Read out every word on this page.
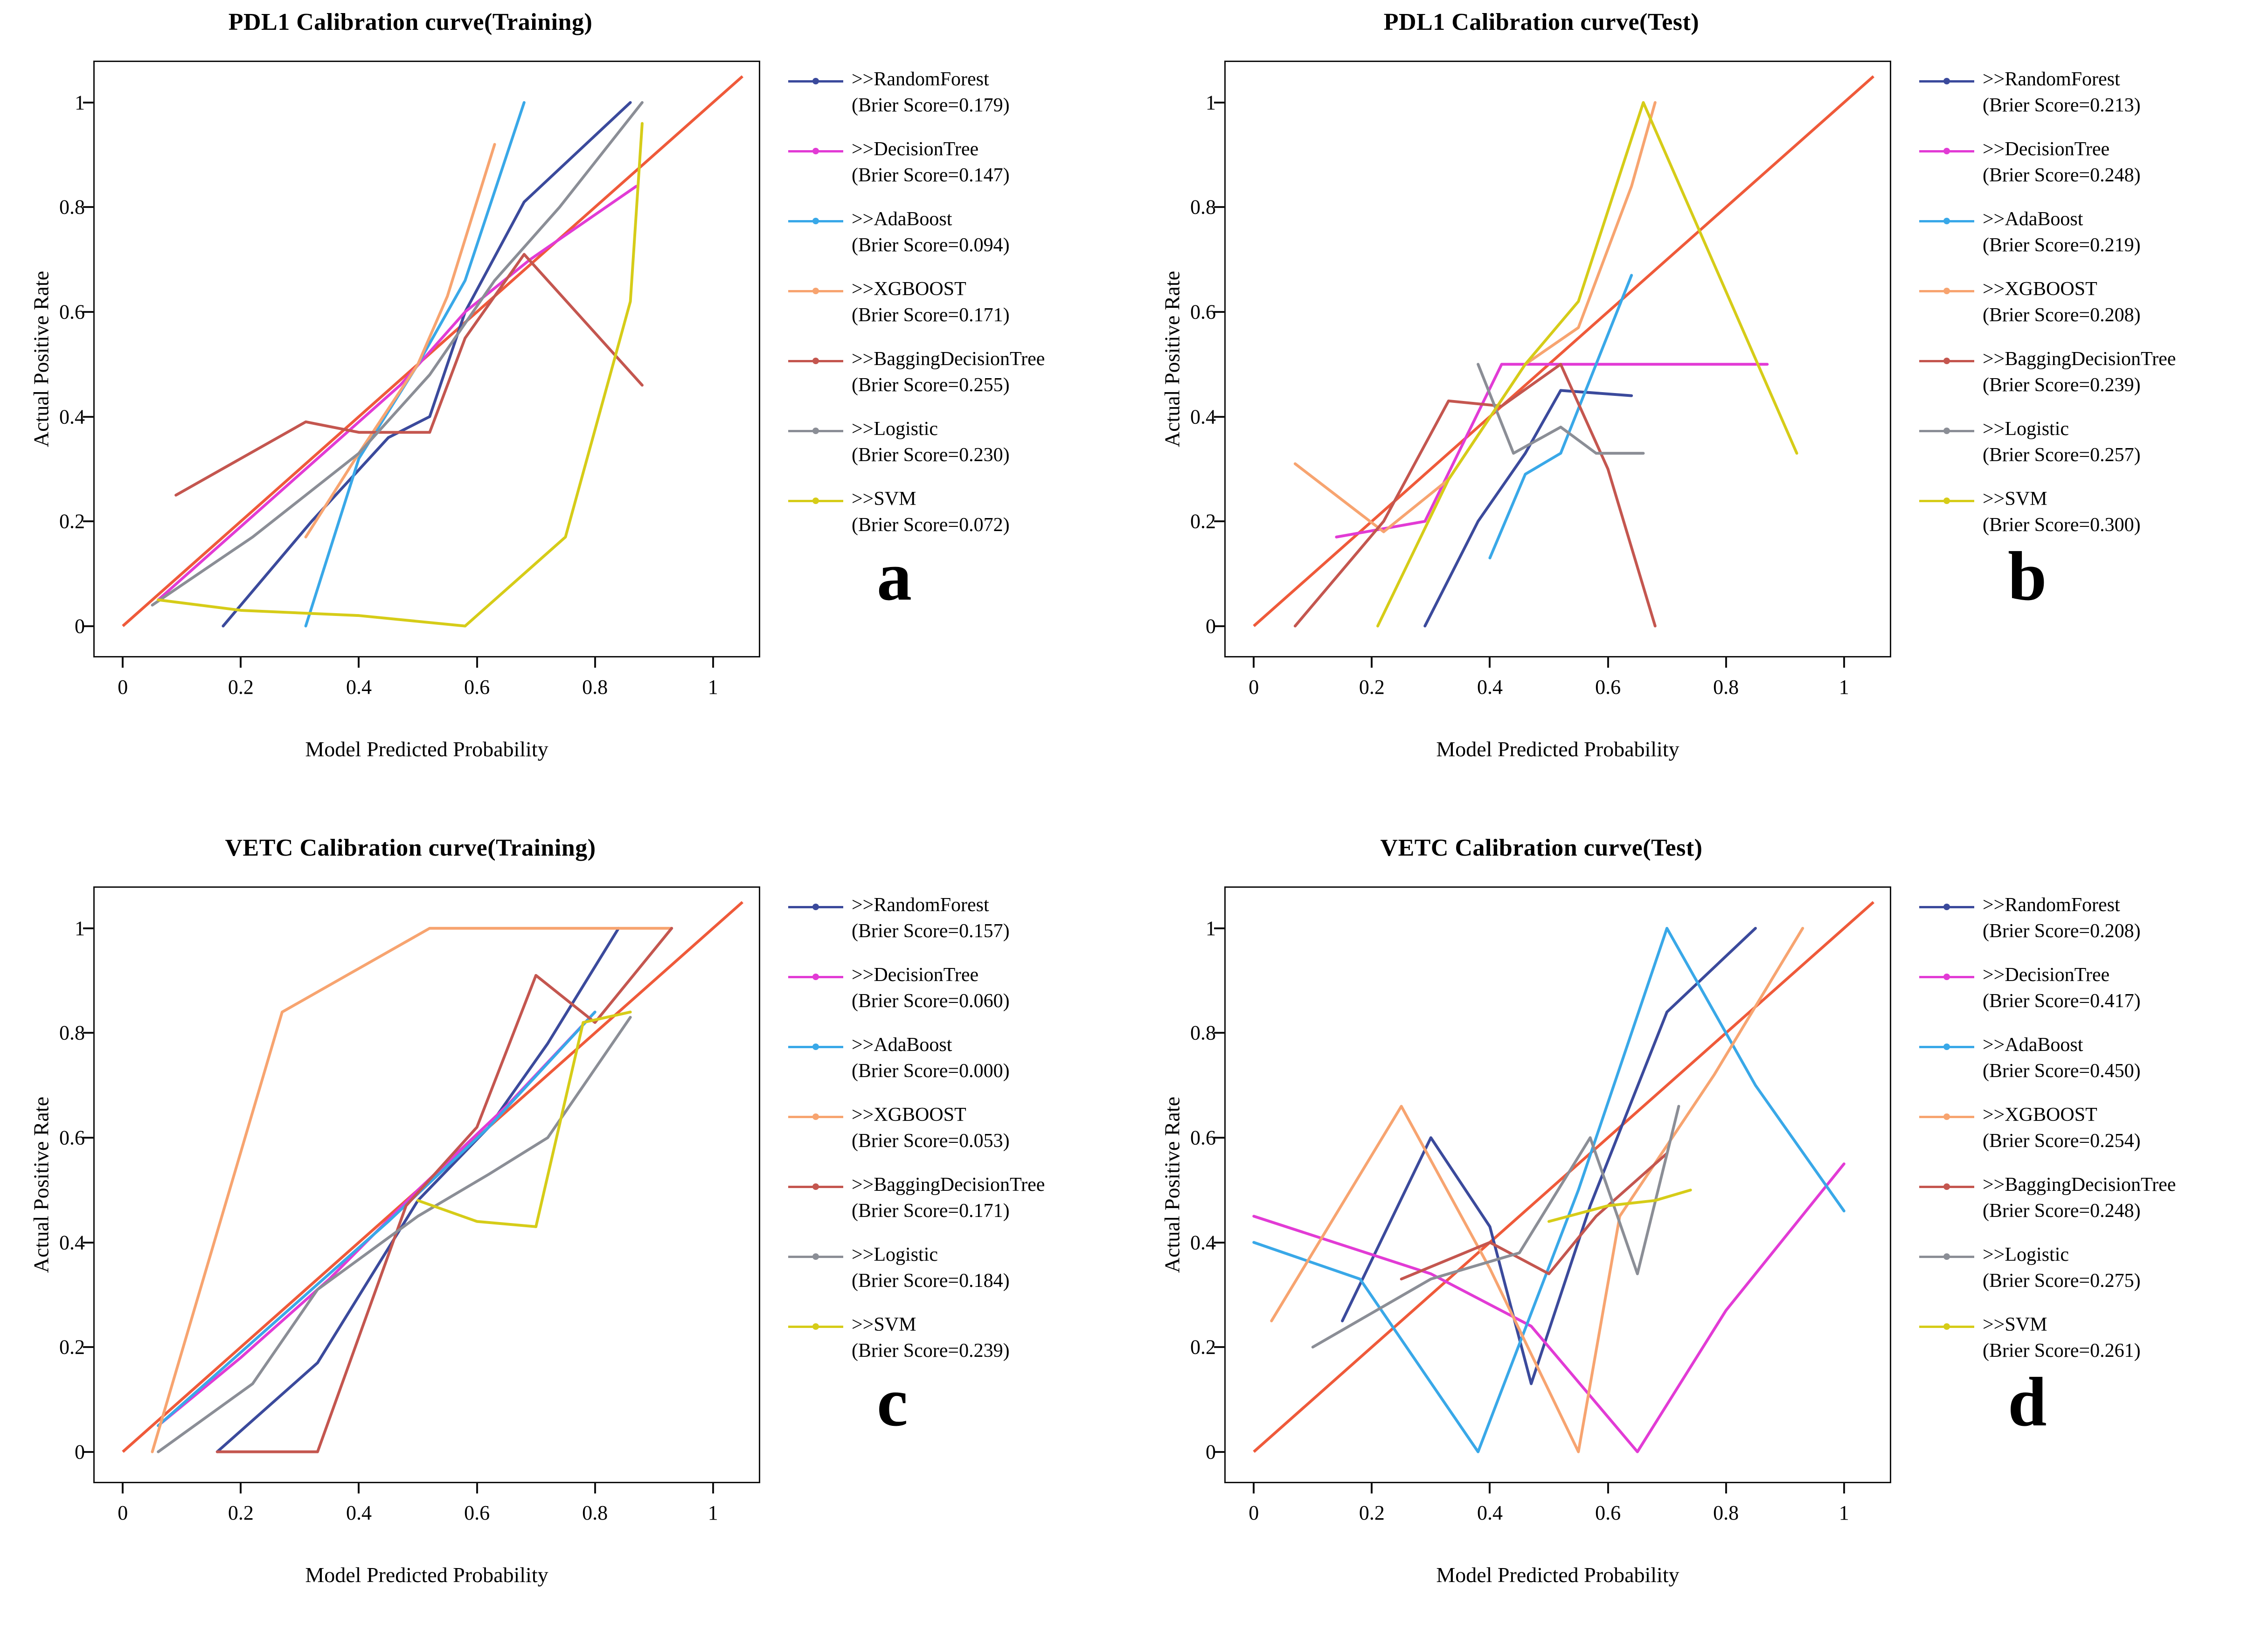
PDL1 Calibration curve(Training)
Actual Positive Rate
Model Predicted Probability
0	0.2	0.4	0.6	0.8	1
0
0.2
0.4
0.6
0.8
1
>>RandomForest
(Brier Score=0.179)
>>DecisionTree
(Brier Score=0.147)
>>AdaBoost
(Brier Score=0.094)
>>XGBOOST
(Brier Score=0.171)
>>BaggingDecisionTree
(Brier Score=0.255)
>>Logistic
(Brier Score=0.230)
>>SVM
(Brier Score=0.072)
a
PDL1 Calibration curve(Test)
Actual Positive Rate
Model Predicted Probability
0	0.2	0.4	0.6	0.8	1
0
0.2
0.4
0.6
0.8
1
>>RandomForest
(Brier Score=0.213)
>>DecisionTree
(Brier Score=0.248)
>>AdaBoost
(Brier Score=0.219)
>>XGBOOST
(Brier Score=0.208)
>>BaggingDecisionTree
(Brier Score=0.239)
>>Logistic
(Brier Score=0.257)
>>SVM
(Brier Score=0.300)
b
VETC Calibration curve(Training)
Actual Positive Rate
Model Predicted Probability
0	0.2	0.4	0.6	0.8	1
0
0.2
0.4
0.6
0.8
1
>>RandomForest
(Brier Score=0.157)
>>DecisionTree
(Brier Score=0.060)
>>AdaBoost
(Brier Score=0.000)
>>XGBOOST
(Brier Score=0.053)
>>BaggingDecisionTree
(Brier Score=0.171)
>>Logistic
(Brier Score=0.184)
>>SVM
(Brier Score=0.239)
c
VETC Calibration curve(Test)
Actual Positive Rate
Model Predicted Probability
0	0.2	0.4	0.6	0.8	1
0
0.2
0.4
0.6
0.8
1
>>RandomForest
(Brier Score=0.208)
>>DecisionTree
(Brier Score=0.417)
>>AdaBoost
(Brier Score=0.450)
>>XGBOOST
(Brier Score=0.254)
>>BaggingDecisionTree
(Brier Score=0.248)
>>Logistic
(Brier Score=0.275)
>>SVM
(Brier Score=0.261)
d
